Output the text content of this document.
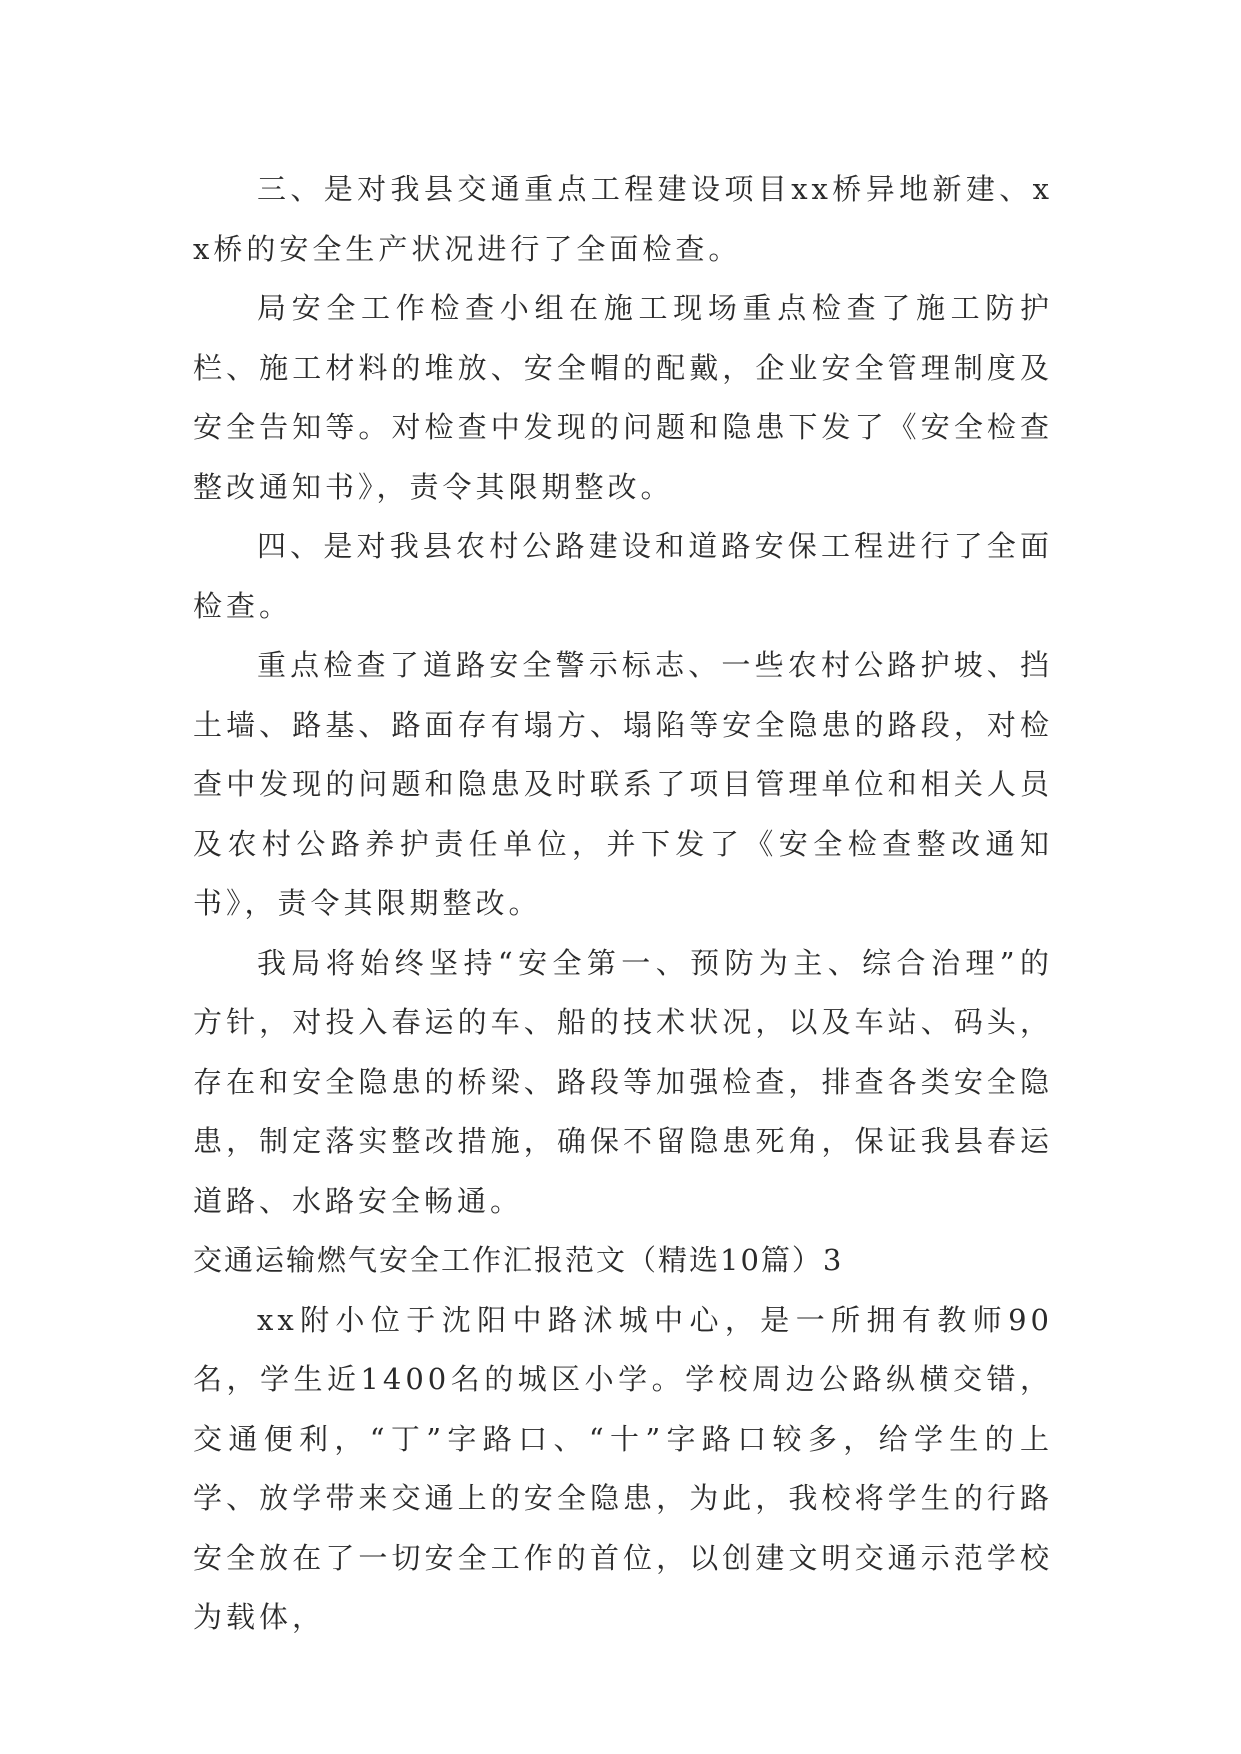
三、是对我县交通重点工程建设项目xx桥异地新建、xx桥的安全生产状况进行了全面检查。

局安全工作检查小组在施工现场重点检查了施工防护栏、施工材料的堆放、安全帽的配戴，企业安全管理制度及安全告知等。对检查中发现的问题和隐患下发了《安全检查整改通知书》，责令其限期整改。

四、是对我县农村公路建设和道路安保工程进行了全面检查。

重点检查了道路安全警示标志、一些农村公路护坡、挡土墙、路基、路面存有塌方、塌陷等安全隐患的路段，对检查中发现的问题和隐患及时联系了项目管理单位和相关人员及农村公路养护责任单位，并下发了《安全检查整改通知书》，责令其限期整改。

我局将始终坚持“安全第一、预防为主、综合治理”的方针，对投入春运的车、船的技术状况，以及车站、码头，存在和安全隐患的桥梁、路段等加强检查，排查各类安全隐患，制定落实整改措施，确保不留隐患死角，保证我县春运道路、水路安全畅通。

交通运输燃气安全工作汇报范文（精选10篇）3

xx附小位于沈阳中路沭城中心，是一所拥有教师90名，学生近1400名的城区小学。学校周边公路纵横交错，交通便利，“丁”字路口、“十”字路口较多，给学生的上学、放学带来交通上的安全隐患，为此，我校将学生的行路安全放在了一切安全工作的首位，以创建文明交通示范学校为载体，
